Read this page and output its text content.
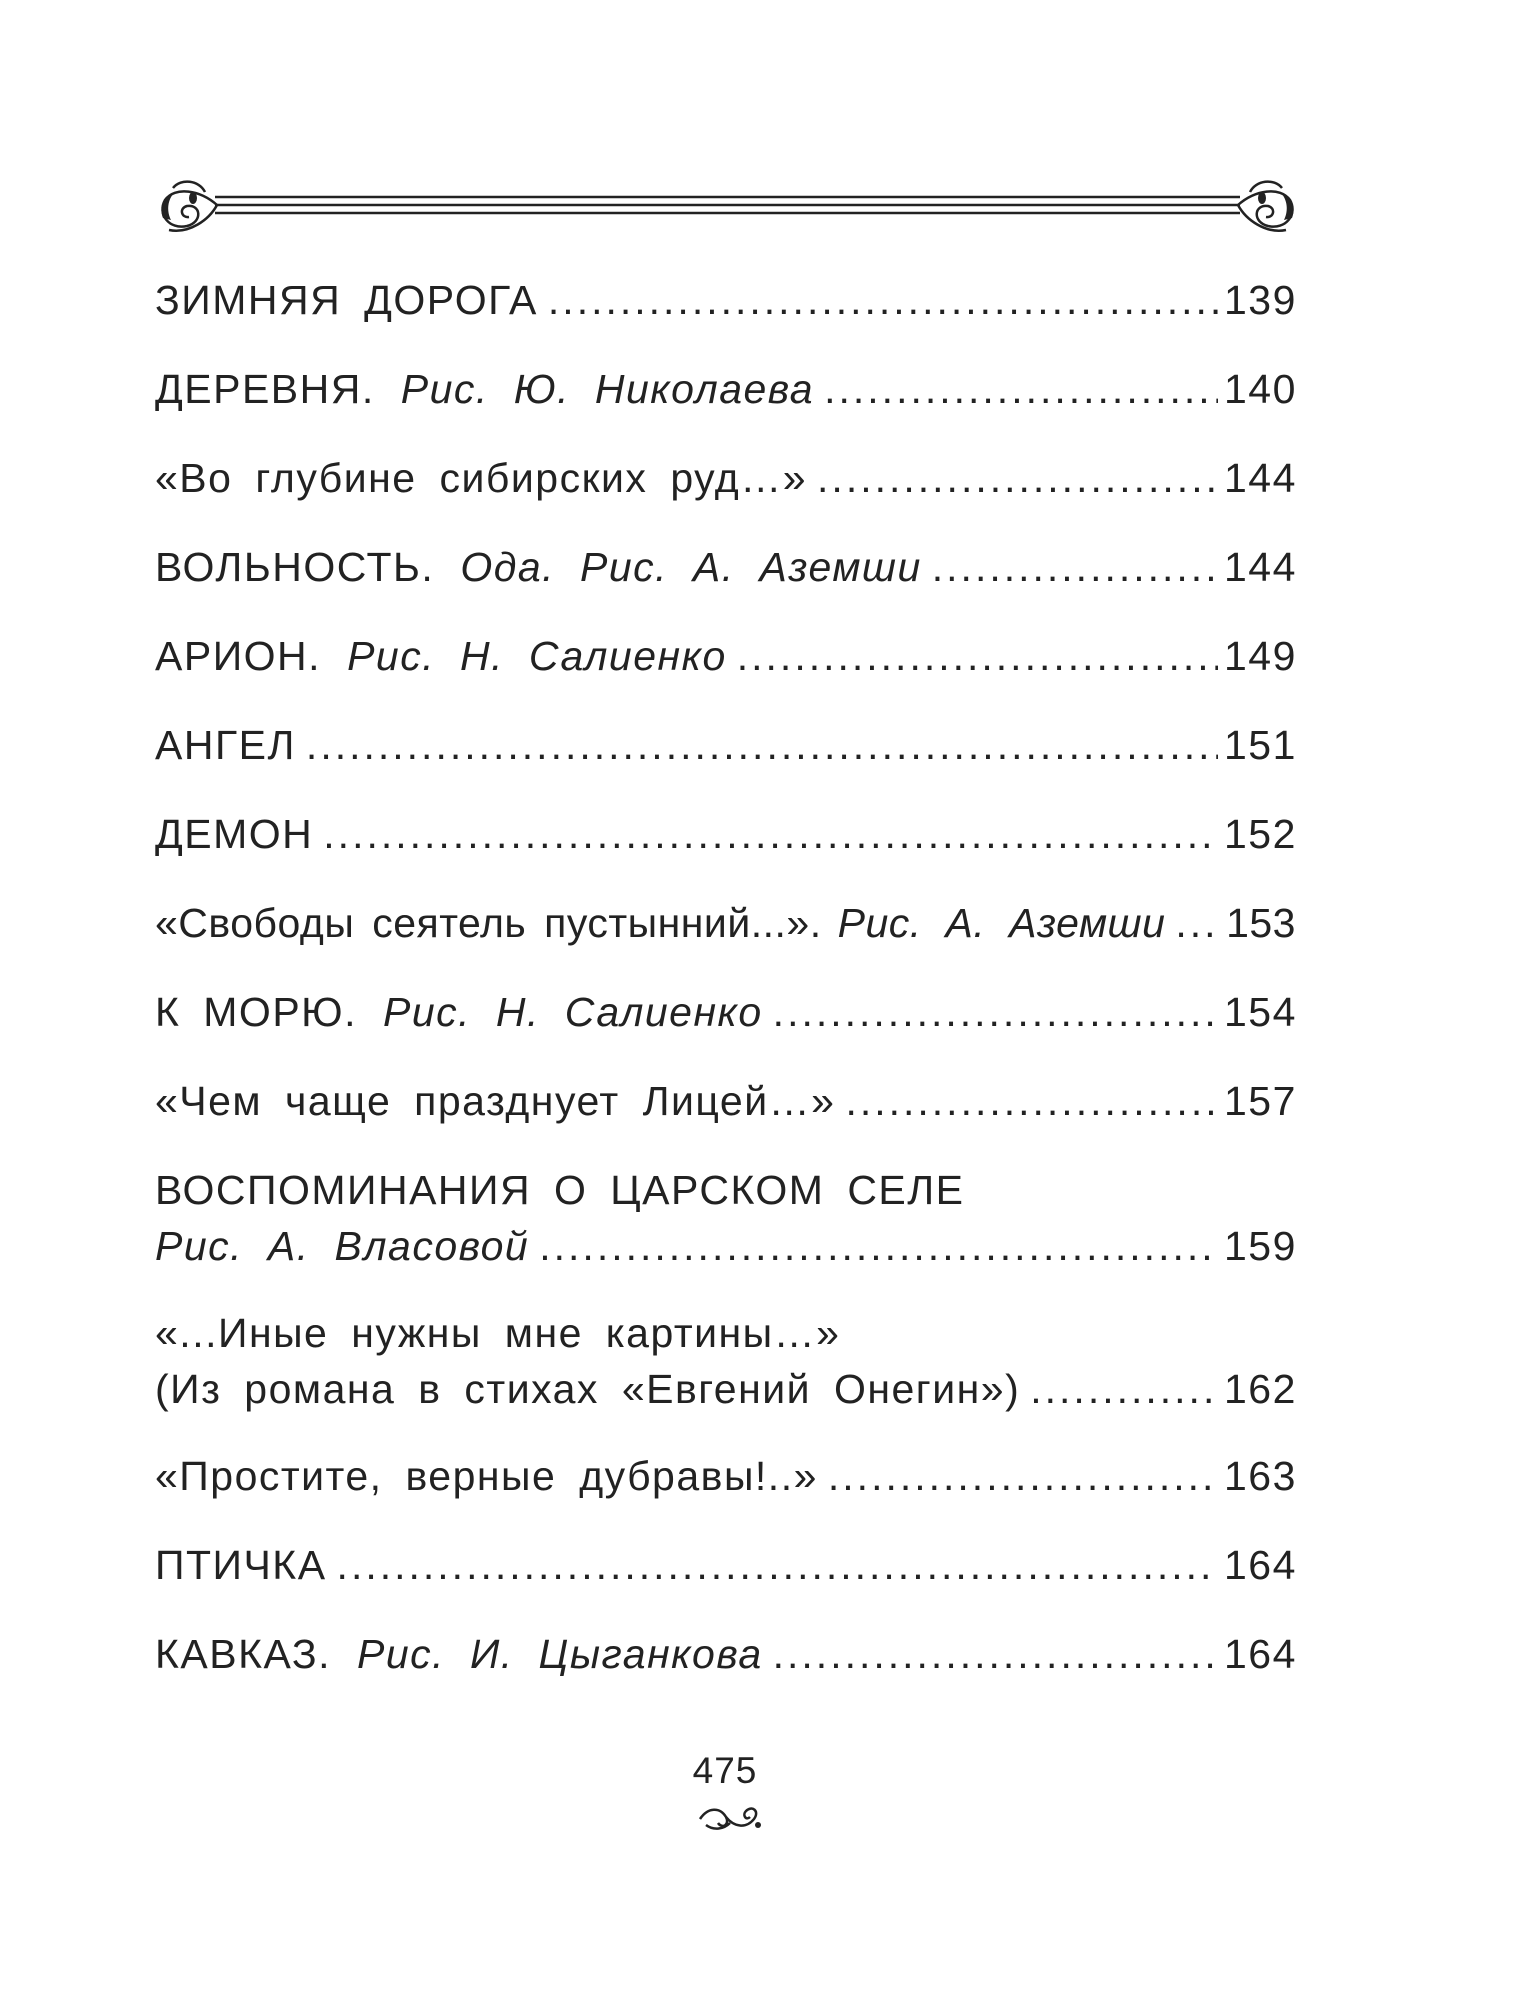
ЗИМНЯЯ ДОРОГА .....	139
ДЕРЕВНЯ. Рис. Ю. Николаева .....	140
«Во глубине сибирских руд…» .....	144
ВОЛЬНОСТЬ. Ода. Рис. А. Аземши .....	144
АРИОН. Рис. Н. Салиенко .....	149
АНГЕЛ .....	151
ДЕМОН .....	152
«Свободы сеятель пустынний...». Рис. А. Аземши ..... 153
К МОРЮ. Рис. Н. Салиенко .....	154
«Чем чаще празднует Лицей…» .....	157
ВОСПОМИНАНИЯ О ЦАРСКОМ СЕЛЕ
Рис. А. Власовой .....	159
«...Иные нужны мне картины…»
(Из романа в стихах «Евгений Онегин») .....	162
«Простите, верные дубравы!..» .....	163
ПТИЧКА .....	164
КАВКАЗ. Рис. И. Цыганкова .....	164
475
